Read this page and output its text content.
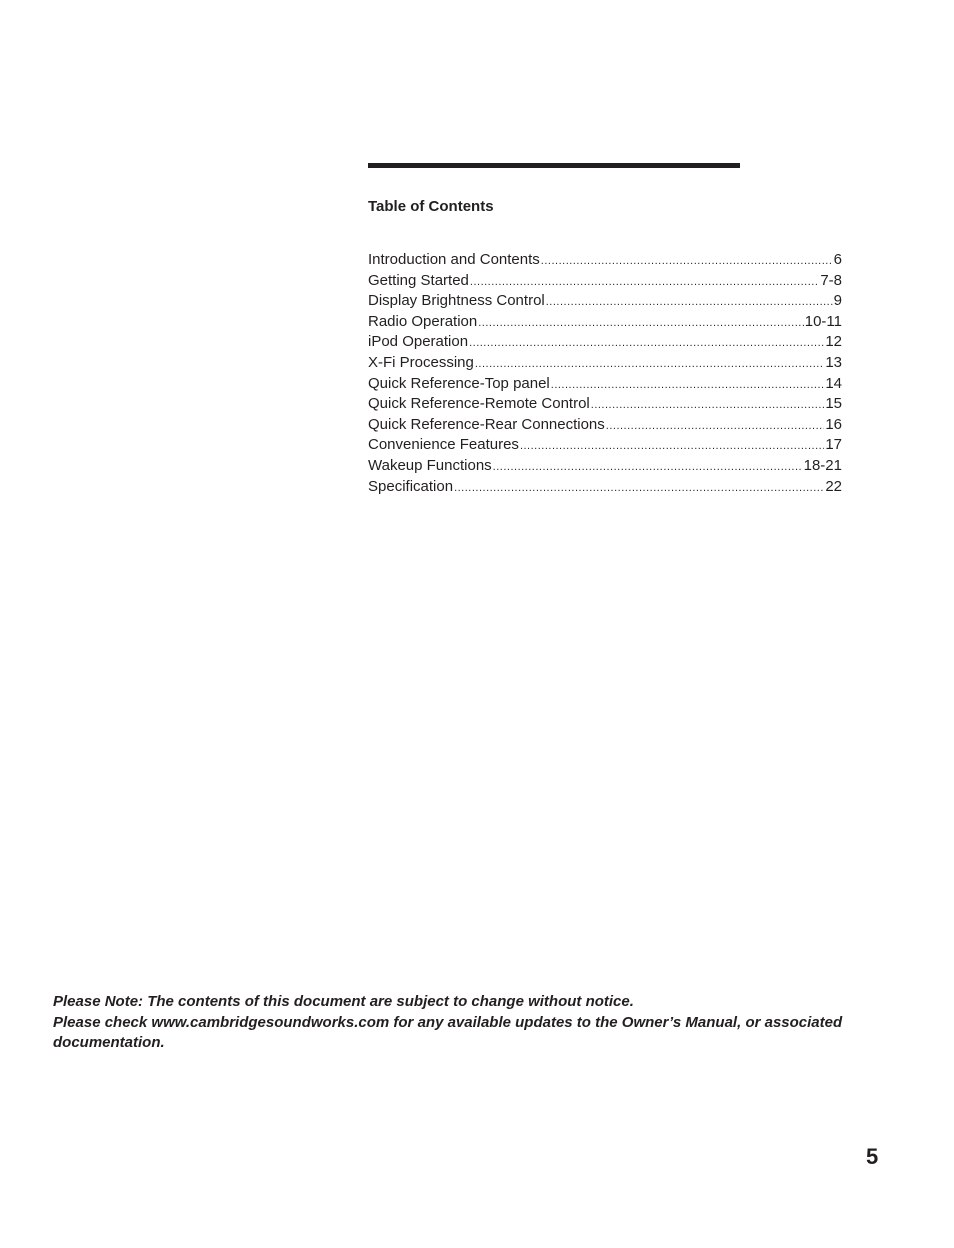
Table of Contents
Introduction and Contents .....	6
Getting Started .....	7-8
Display Brightness Control .....	9
Radio Operation .....	10-11
iPod Operation .....	12
X-Fi Processing .....	13
Quick Reference-Top panel .....	14
Quick Reference-Remote Control .....	15
Quick Reference-Rear Connections .....	16
Convenience Features .....	17
Wakeup Functions .....	18-21
Specification .....	22

Please Note: The contents of this document are subject to change without notice.
Please check www.cambridgesoundworks.com for any available updates to the Owner’s Manual, or associated documentation.

5
